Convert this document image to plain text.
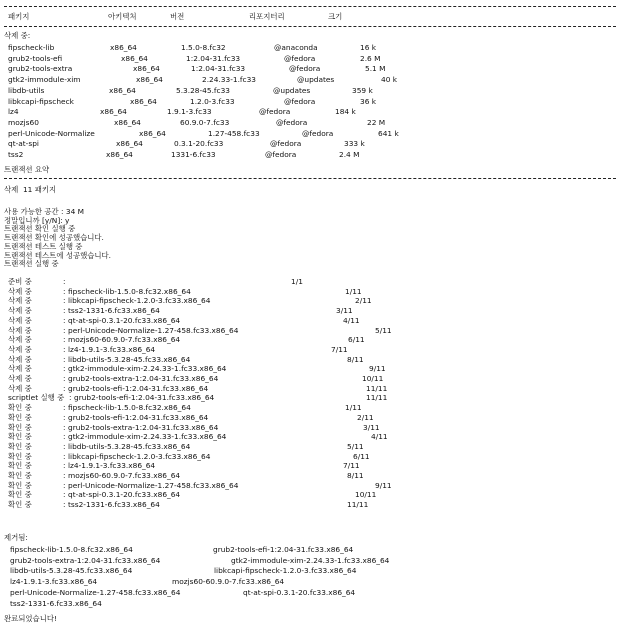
패키지	아키텍처	버전	리포지터리	크기
삭제 중:
fipscheck-lib	x86_64	1.5.0-8.fc32	@anaconda	16 k
grub2-tools-efi	x86_64	1:2.04-31.fc33	@fedora	2.6 M
grub2-tools-extra	x86_64	1:2.04-31.fc33	@fedora	5.1 M
gtk2-immodule-xim	x86_64	2.24.33-1.fc33	@updates	40 k
libdb-utils	x86_64	5.3.28-45.fc33	@updates	359 k
libkcapi-fipscheck	x86_64	1.2.0-3.fc33	@fedora	36 k
lz4	x86_64	1.9.1-3.fc33	@fedora	184 k
mozjs60	x86_64	60.9.0-7.fc33	@fedora	22 M
perl-Unicode-Normalize	x86_64	1.27-458.fc33	@fedora	641 k
qt-at-spi	x86_64	0.3.1-20.fc33	@fedora	333 k
tss2	x86_64	1331-6.fc33	@fedora	2.4 M
트랜잭션 요약
삭제  11 패키지
사용 가능한 공간 : 34 M
정말입니까 [y/N]: y
트랜잭션 확인 실행 중
트랜잭션 확인에 성공했습니다.
트랜잭션 테스트 실행 중
트랜잭션 테스트에 성공했습니다.
트랜잭션 실행 중
준비 중	:	1/1
삭제 중	: fipscheck-lib-1.5.0-8.fc32.x86_64	1/11
삭제 중	: libkcapi-fipscheck-1.2.0-3.fc33.x86_64	2/11
삭제 중	: tss2-1331-6.fc33.x86_64	3/11
삭제 중	: qt-at-spi-0.3.1-20.fc33.x86_64	4/11
삭제 중	: perl-Unicode-Normalize-1.27-458.fc33.x86_64	5/11
삭제 중	: mozjs60-60.9.0-7.fc33.x86_64	6/11
삭제 중	: lz4-1.9.1-3.fc33.x86_64	7/11
삭제 중	: libdb-utils-5.3.28-45.fc33.x86_64	8/11
삭제 중	: gtk2-immodule-xim-2.24.33-1.fc33.x86_64	9/11
삭제 중	: grub2-tools-extra-1:2.04-31.fc33.x86_64	10/11
삭제 중	: grub2-tools-efi-1:2.04-31.fc33.x86_64	11/11
scriptlet 실행 중 : grub2-tools-efi-1:2.04-31.fc33.x86_64	11/11
확인 중	: fipscheck-lib-1.5.0-8.fc32.x86_64	1/11
확인 중	: grub2-tools-efi-1:2.04-31.fc33.x86_64	2/11
확인 중	: grub2-tools-extra-1:2.04-31.fc33.x86_64	3/11
확인 중	: gtk2-immodule-xim-2.24.33-1.fc33.x86_64	4/11
확인 중	: libdb-utils-5.3.28-45.fc33.x86_64	5/11
확인 중	: libkcapi-fipscheck-1.2.0-3.fc33.x86_64	6/11
확인 중	: lz4-1.9.1-3.fc33.x86_64	7/11
확인 중	: mozjs60-60.9.0-7.fc33.x86_64	8/11
확인 중	: perl-Unicode-Normalize-1.27-458.fc33.x86_64	9/11
확인 중	: qt-at-spi-0.3.1-20.fc33.x86_64	10/11
확인 중	: tss2-1331-6.fc33.x86_64	11/11
제거됨:
fipscheck-lib-1.5.0-8.fc32.x86_64	grub2-tools-efi-1:2.04-31.fc33.x86_64
grub2-tools-extra-1:2.04-31.fc33.x86_64	gtk2-immodule-xim-2.24.33-1.fc33.x86_64
libdb-utils-5.3.28-45.fc33.x86_64	libkcapi-fipscheck-1.2.0-3.fc33.x86_64
lz4-1.9.1-3.fc33.x86_64	mozjs60-60.9.0-7.fc33.x86_64
perl-Unicode-Normalize-1.27-458.fc33.x86_64	qt-at-spi-0.3.1-20.fc33.x86_64
tss2-1331-6.fc33.x86_64
완료되었습니다!
